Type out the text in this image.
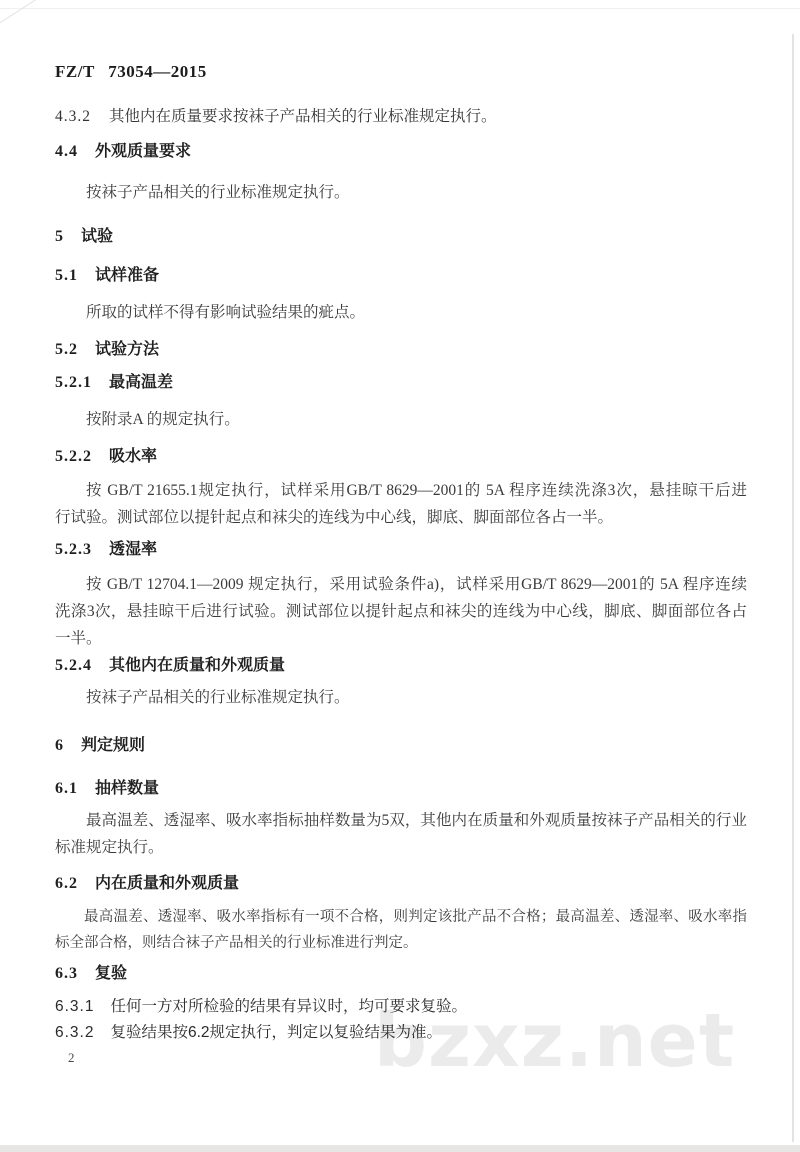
bzxz.net
FZ/T 73054—2015
4.3.2 其他内在质量要求按袜子产品相关的行业标准规定执行。
4.4 外观质量要求
按袜子产品相关的行业标准规定执行。
5 试验
5.1 试样准备
所取的试样不得有影响试验结果的疵点。
5.2 试验方法
5.2.1 最高温差
按附录A 的规定执行。
5.2.2 吸水率
按 GB/T 21655.1规定执行，试样采用GB/T 8629—2001的 5A 程序连续洗涤3次，悬挂晾干后进
行试验。测试部位以提针起点和袜尖的连线为中心线，脚底、脚面部位各占一半。
5.2.3 透湿率
按 GB/T 12704.1—2009 规定执行，采用试验条件a)，试样采用GB/T 8629—2001的 5A 程序连续
洗涤3次，悬挂晾干后进行试验。测试部位以提针起点和袜尖的连线为中心线，脚底、脚面部位各占
一半。
5.2.4 其他内在质量和外观质量
按袜子产品相关的行业标准规定执行。
6 判定规则
6.1 抽样数量
最高温差、透湿率、吸水率指标抽样数量为5双，其他内在质量和外观质量按袜子产品相关的行业
标准规定执行。
6.2 内在质量和外观质量
最高温差、透湿率、吸水率指标有一项不合格，则判定该批产品不合格；最高温差、透湿率、吸水率指
标全部合格，则结合袜子产品相关的行业标准进行判定。
6.3 复验
6.3.1 任何一方对所检验的结果有异议时，均可要求复验。
6.3.2 复验结果按6.2规定执行，判定以复验结果为准。
2
